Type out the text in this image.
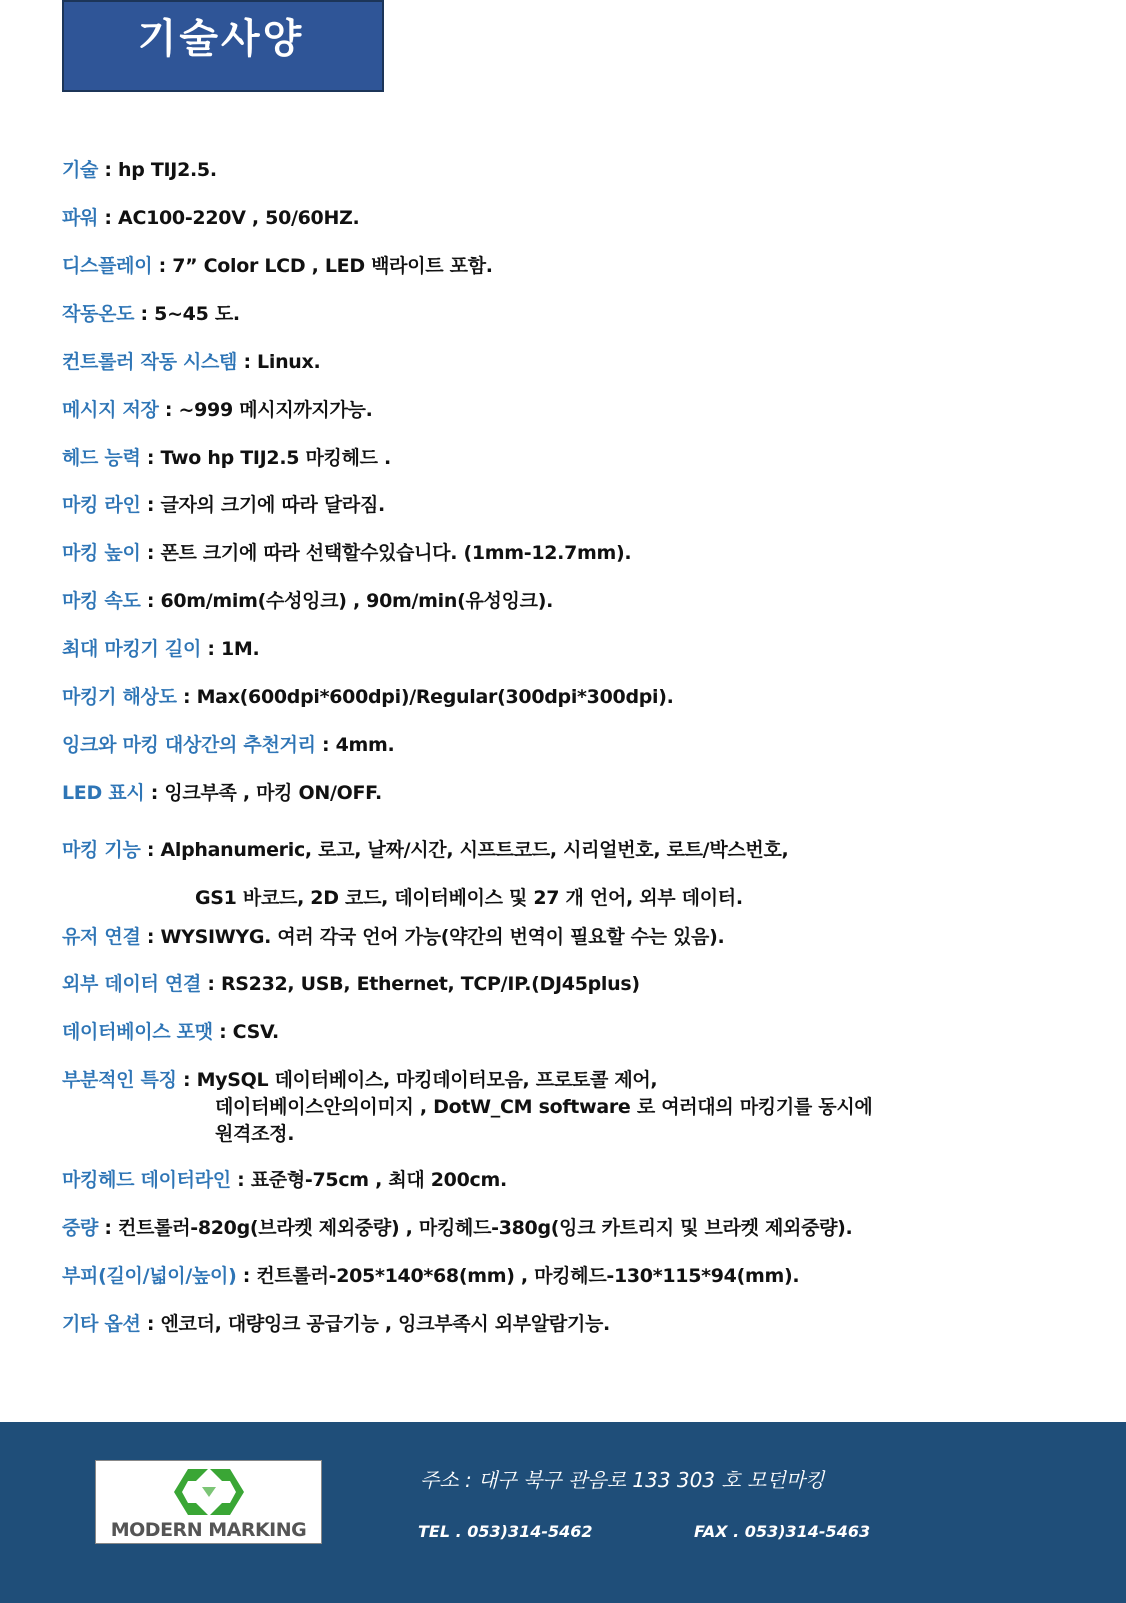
기술사양
기술 : hp TIJ2.5.
파워 : AC100-220V , 50/60HZ.
디스플레이 : 7” Color LCD , LED 백라이트 포함.
작동온도 : 5~45 도.
컨트롤러 작동 시스템 : Linux.
메시지 저장 : ~999 메시지까지가능.
헤드 능력 : Two hp TIJ2.5 마킹헤드 .
마킹 라인 : 글자의 크기에 따라 달라짐.
마킹 높이 : 폰트 크기에 따라 선택할수있습니다. (1mm-12.7mm).
마킹 속도 : 60m/mim(수성잉크) , 90m/min(유성잉크).
최대 마킹기 길이 : 1M.
마킹기 해상도 : Max(600dpi*600dpi)/Regular(300dpi*300dpi).
잉크와 마킹 대상간의 추천거리 : 4mm.
LED 표시 : 잉크부족 , 마킹 ON/OFF.
마킹 기능 : Alphanumeric, 로고, 날짜/시간, 시프트코드, 시리얼번호, 로트/박스번호,
GS1 바코드, 2D 코드, 데이터베이스 및 27 개 언어, 외부 데이터.
유저 연결 : WYSIWYG. 여러 각국 언어 가능(약간의 번역이 필요할 수는 있음).
외부 데이터 연결 : RS232, USB, Ethernet, TCP/IP.(DJ45plus)
데이터베이스 포맷 : CSV.
부분적인 특징 : MySQL 데이터베이스, 마킹데이터모음, 프로토콜 제어,
데이터베이스안의이미지 , DotW_CM software 로 여러대의 마킹기를 동시에
원격조정.
마킹헤드 데이터라인 : 표준형-75cm , 최대 200cm.
중량 : 컨트롤러-820g(브라켓 제외중량) , 마킹헤드-380g(잉크 카트리지 및 브라켓 제외중량).
부피(길이/넓이/높이) : 컨트롤러-205*140*68(mm) , 마킹헤드-130*115*94(mm).
기타 옵션 : 엔코더, 대량잉크 공급기능 , 잉크부족시 외부알람기능.
MODERN MARKING
주소 : 대구 북구 관음로 133 303 호 모던마킹
TEL . 053)314-5462	FAX . 053)314-5463
